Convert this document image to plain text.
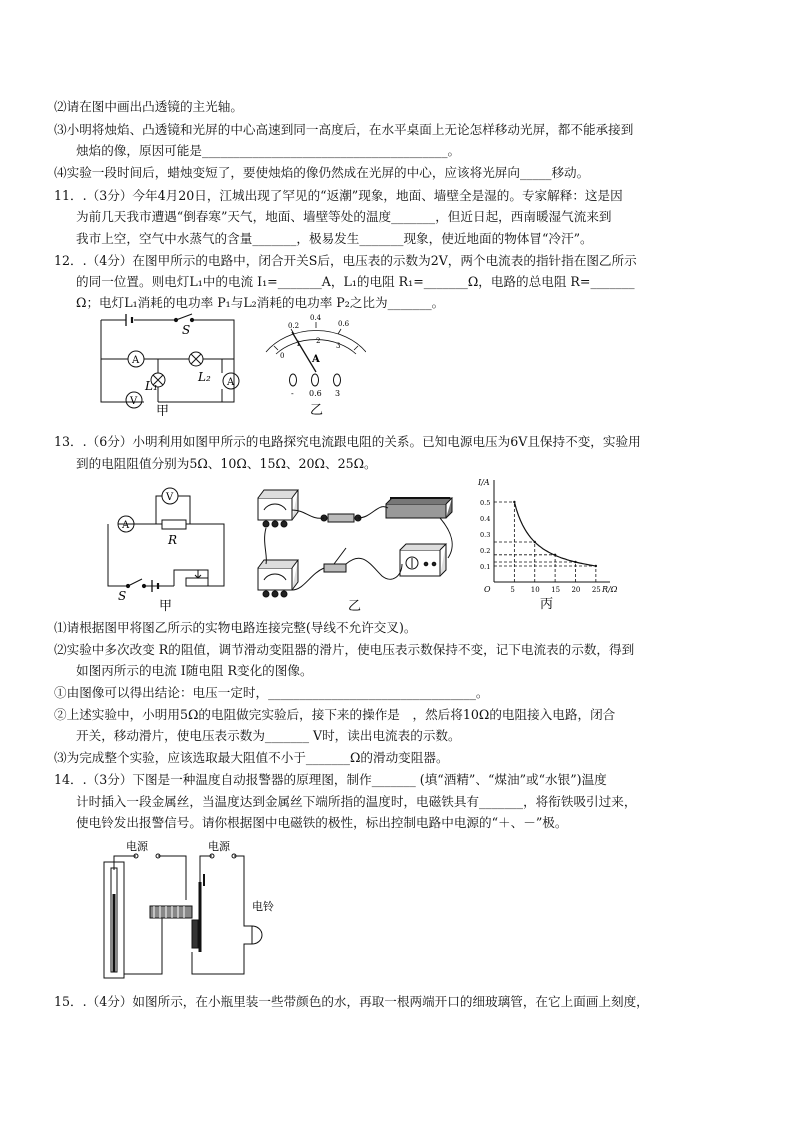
⑵请在图中画出凸透镜的主光轴。
⑶小明将烛焰、凸透镜和光屏的中心高速到同一高度后，在水平桌面上无论怎样移动光屏，都不能承接到
烛焰的像，原因可能是_______________________________________。
⑷实验一段时间后，蜡烛变短了，要使烛焰的像仍然成在光屏的中心，应该将光屏向_____移动。
11．.（3分）今年4月20日，江城出现了罕见的“返潮”现象，地面、墙壁全是湿的。专家解释：这是因
为前几天我市遭遇“倒春寒”天气，地面、墙壁等处的温度_______，但近日起，西南暖湿气流来到
我市上空，空气中水蒸气的含量_______，极易发生_______现象，使近地面的物体冒“冷汗”。
12．.（4分）在图甲所示的电路中，闭合开关S后，电压表的示数为2V，两个电流表的指针指在图乙所示
的同一位置。则电灯L₁中的电流 I₁=_______A，L₁的电阻 R₁=_______Ω，电路的总电阻 R=_______
Ω；电灯L₁消耗的电功率 P₁与L₂消耗的电功率 P₂之比为_______。
S
A
A
V
L₁
L₂
甲
0
1 2
3
0.2
0.4
0.6
A
- 0.6 3
乙
13．.（6分）小明利用如图甲所示的电路探究电流跟电阻的关系。已知电源电压为6V且保持不变，实验用
到的电阻阻值分别为5Ω、10Ω、15Ω、20Ω、25Ω。
V
A
R
S
甲	乙
0.1
0.2
0.3
0.4
0.5
5 10 15 20 25
I/A
R/Ω
O
丙
⑴请根据图甲将图乙所示的实物电路连接完整(导线不允许交叉)。
⑵实验中多次改变 R的阻值，调节滑动变阻器的滑片，使电压表示数保持不变，记下电流表的示数，得到
如图丙所示的电流 I随电阻 R变化的图像。
①由图像可以得出结论：电压一定时，_________________________________。
②上述实验中，小明用5Ω的电阻做完实验后，接下来的操作是　，然后将10Ω的电阻接入电路，闭合
开关，移动滑片，使电压表示数为_______ V时，读出电流表的示数。
⑶为完成整个实验，应该选取最大阻值不小于_______Ω的滑动变阻器。
14．.（3分）下图是一种温度自动报警器的原理图，制作_______ (填“酒精”、“煤油”或“水银”)温度
计时插入一段金属丝，当温度达到金属丝下端所指的温度时，电磁铁具有_______，将衔铁吸引过来，
使电铃发出报警信号。请你根据图中电磁铁的极性，标出控制电路中电源的“＋、－”极。
电源	电源
电铃
15．.（4分）如图所示，在小瓶里装一些带颜色的水，再取一根两端开口的细玻璃管，在它上面画上刻度，
